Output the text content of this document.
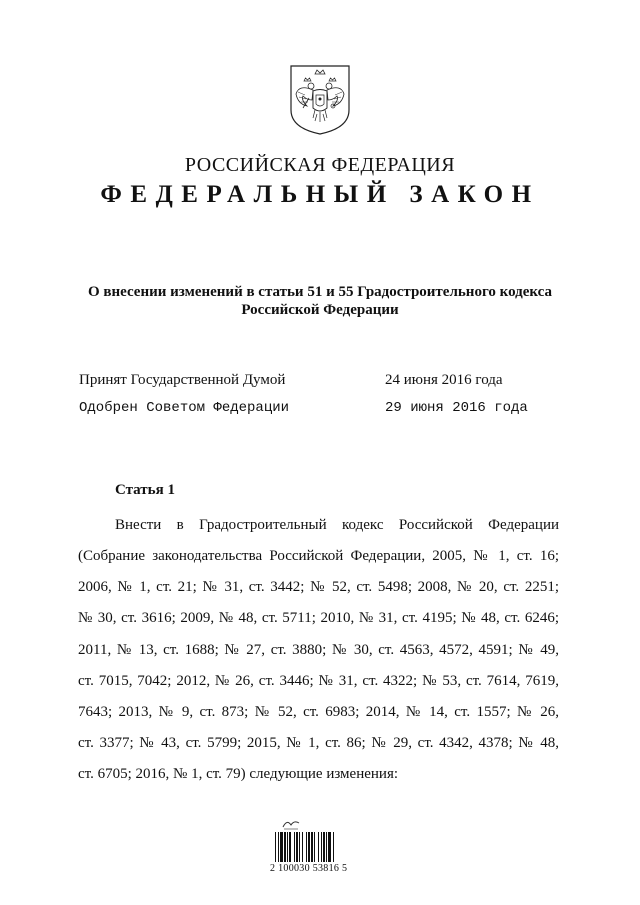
РОССИЙСКАЯ ФЕДЕРАЦИЯ
ФЕДЕРАЛЬНЫЙ ЗАКОН
О внесении изменений в статьи 51 и 55 Градостроительного кодекса
Российской Федерации
Принят Государственной Думой	24 июня 2016 года
Одобрен Советом Федерации	29 июня 2016 года
Статья 1
Внести в Градостроительный кодекс Российской Федерации
(Собрание законодательства Российской Федерации, 2005, № 1, ст. 16;
2006, № 1, ст. 21; № 31, ст. 3442; № 52, ст. 5498; 2008, № 20, ст. 2251;
№ 30, ст. 3616; 2009, № 48, ст. 5711; 2010, № 31, ст. 4195; № 48, ст. 6246;
2011, № 13, ст. 1688; № 27, ст. 3880; № 30, ст. 4563, 4572, 4591; № 49,
ст. 7015, 7042; 2012, № 26, ст. 3446; № 31, ст. 4322; № 53, ст. 7614, 7619,
7643; 2013, № 9, ст. 873; № 52, ст. 6983; 2014, № 14, ст. 1557; № 26,
ст. 3377; № 43, ст. 5799; 2015, № 1, ст. 86; № 29, ст. 4342, 4378; № 48,
ст. 6705; 2016, № 1, ст. 79) следующие изменения:
2 100030 53816 5
